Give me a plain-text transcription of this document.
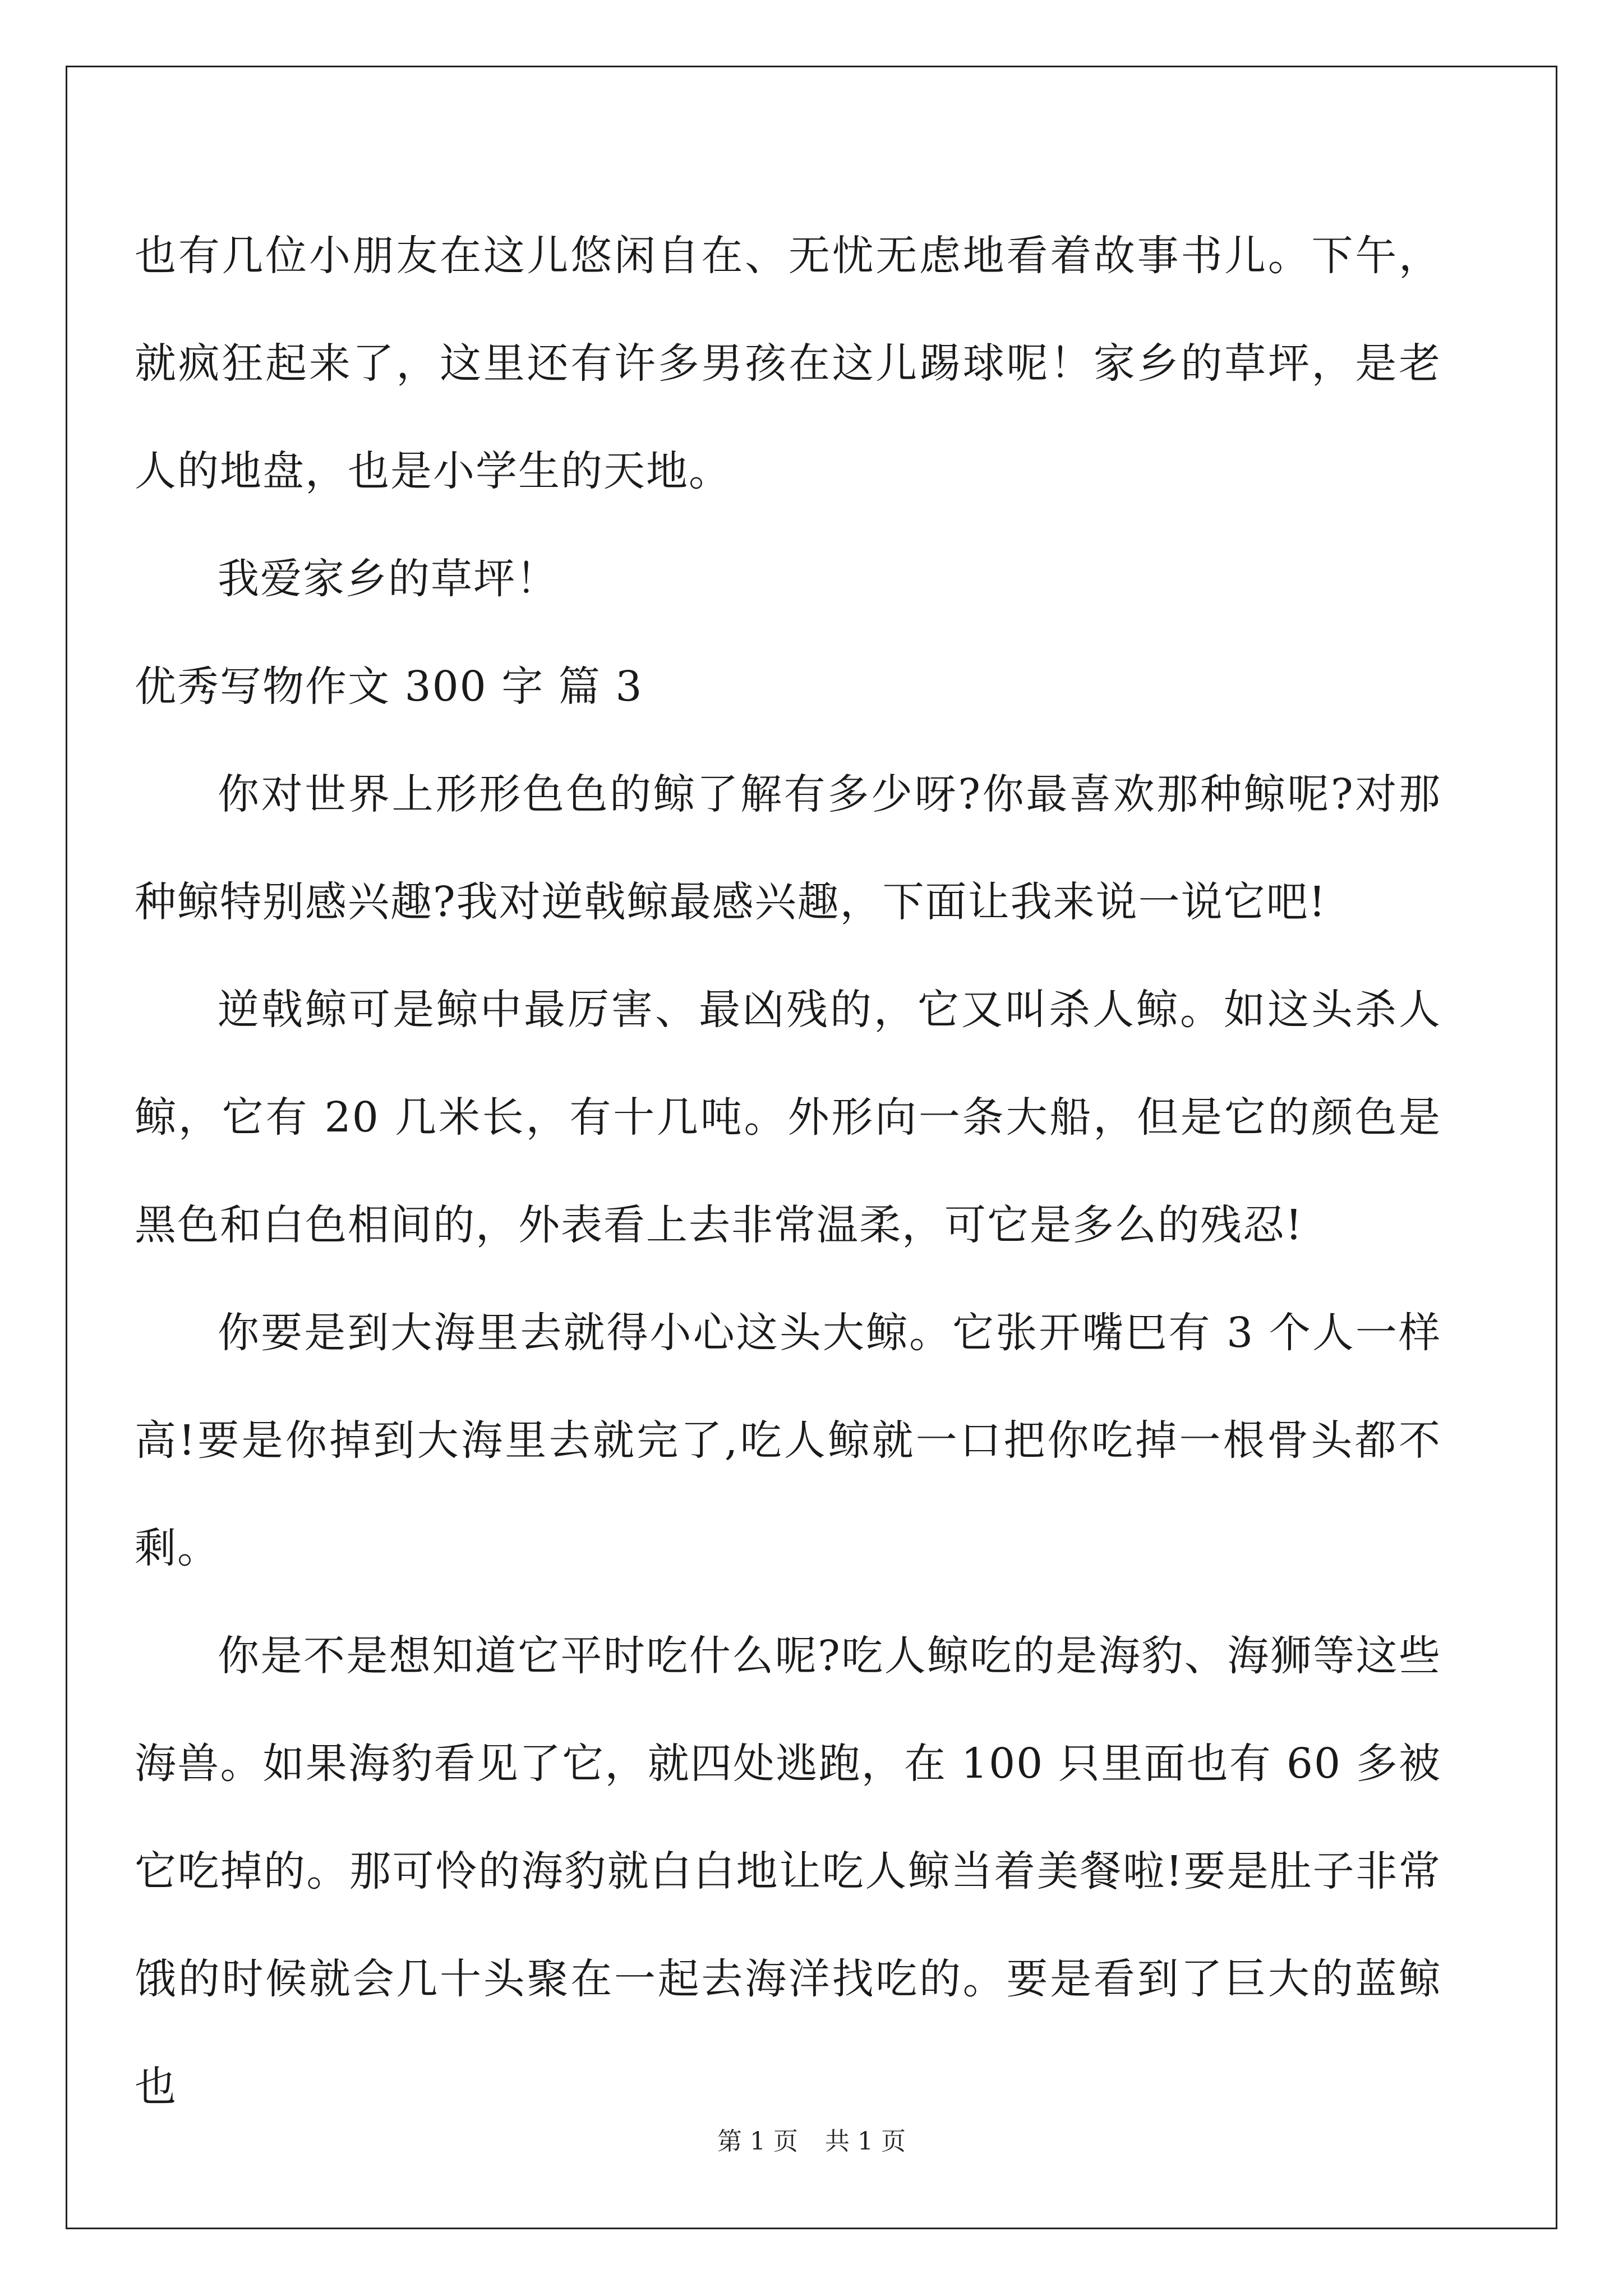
也有几位小朋友在这儿悠闲自在、无忧无虑地看着故事书儿。下午，就疯狂起来了，这里还有许多男孩在这儿踢球呢！家乡的草坪，是老人的地盘，也是小学生的天地。

我爱家乡的草坪！

优秀写物作文 300 字 篇 3

你对世界上形形色色的鲸了解有多少呀?你最喜欢那种鲸呢?对那种鲸特别感兴趣?我对逆戟鲸最感兴趣，下面让我来说一说它吧!

逆戟鲸可是鲸中最厉害、最凶残的，它又叫杀人鲸。如这头杀人鲸，它有 20 几米长，有十几吨。外形向一条大船，但是它的颜色是黑色和白色相间的，外表看上去非常温柔，可它是多么的残忍!

你要是到大海里去就得小心这头大鲸。它张开嘴巴有 3 个人一样高!要是你掉到大海里去就完了,吃人鲸就一口把你吃掉一根骨头都不剩。

你是不是想知道它平时吃什么呢?吃人鲸吃的是海豹、海狮等这些海兽。如果海豹看见了它，就四处逃跑，在 100 只里面也有 60 多被它吃掉的。那可怜的海豹就白白地让吃人鲸当着美餐啦!要是肚子非常饿的时候就会几十头聚在一起去海洋找吃的。要是看到了巨大的蓝鲸也

第 1 页 共 1 页
